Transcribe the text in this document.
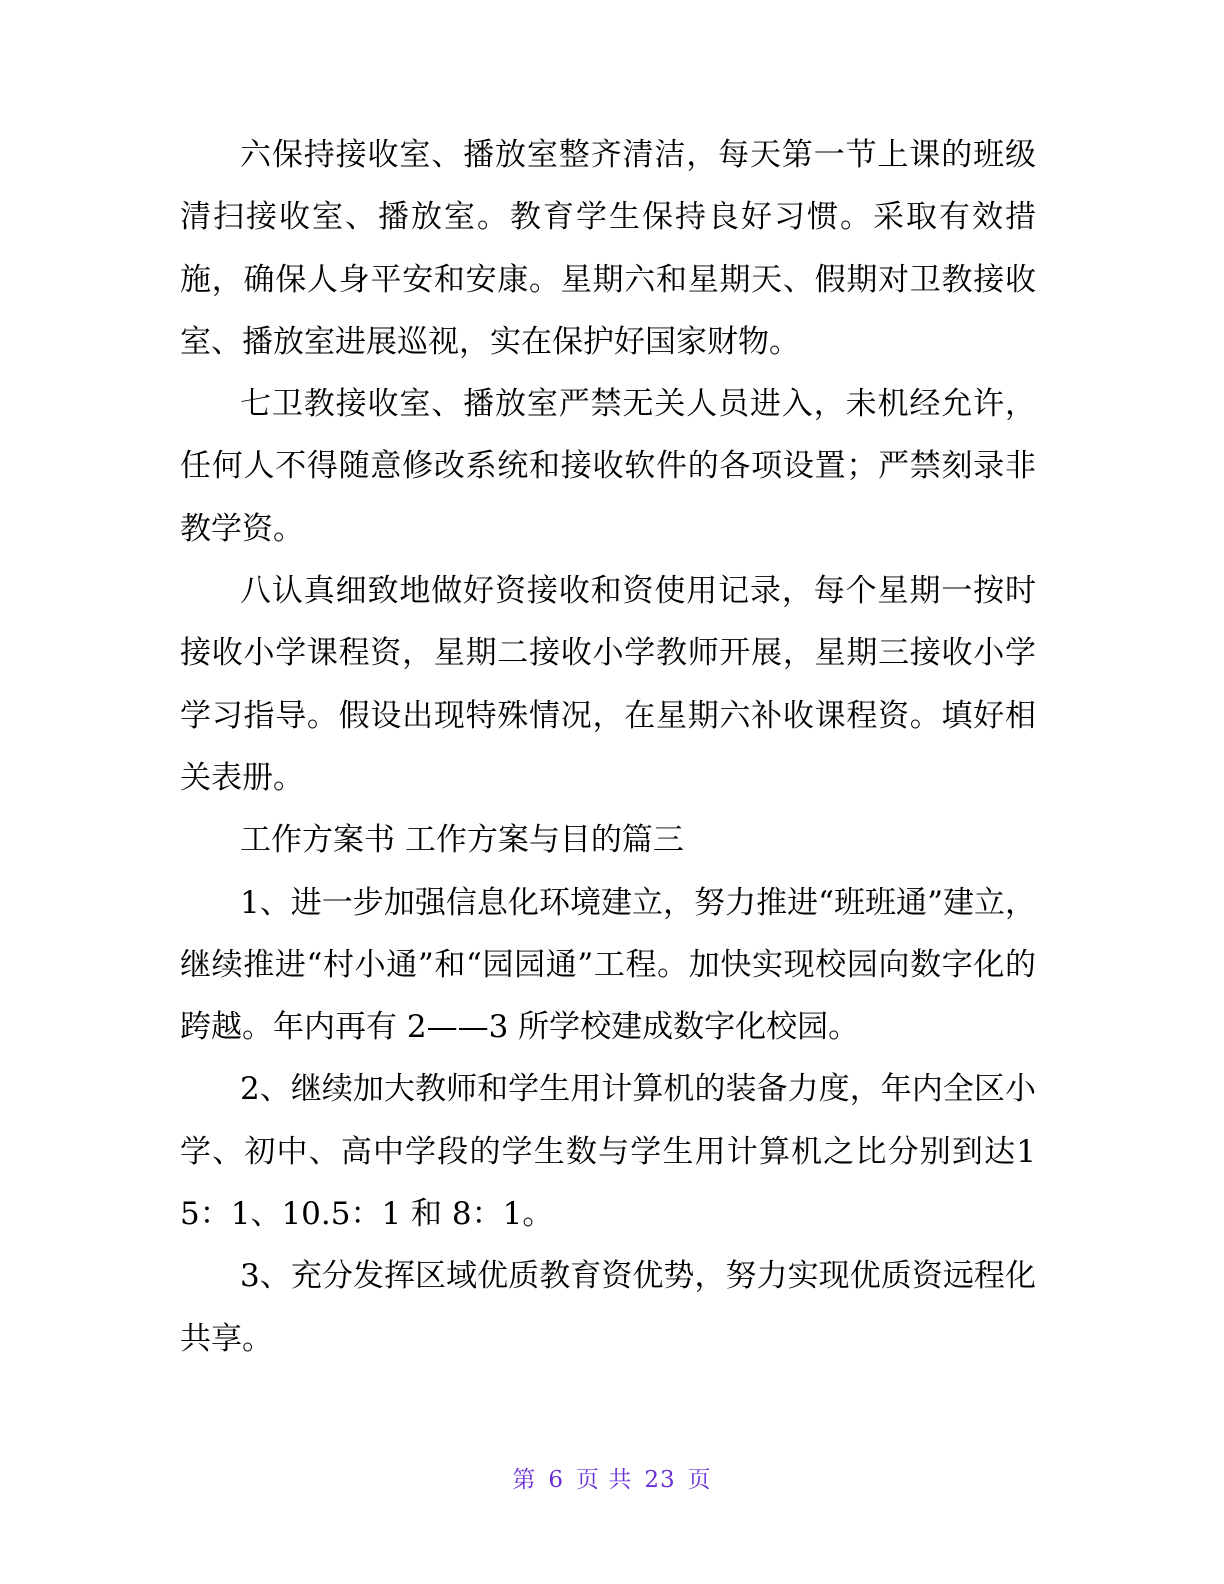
六保持接收室、播放室整齐清洁，每天第一节上课的班级清扫接收室、播放室。教育学生保持良好习惯。采取有效措施，确保人身平安和安康。星期六和星期天、假期对卫教接收室、播放室进展巡视，实在保护好国家财物。

七卫教接收室、播放室严禁无关人员进入，未机经允许，任何人不得随意修改系统和接收软件的各项设置；严禁刻录非教学资。

八认真细致地做好资接收和资使用记录，每个星期一按时接收小学课程资，星期二接收小学教师开展，星期三接收小学学习指导。假设出现特殊情况，在星期六补收课程资。填好相关表册。

工作方案书 工作方案与目的篇三

1、进一步加强信息化环境建立，努力推进“班班通”建立，继续推进“村小通”和“园园通”工程。加快实现校园向数字化的跨越。年内再有 2——3 所学校建成数字化校园。

2、继续加大教师和学生用计算机的装备力度，年内全区小学、初中、高中学段的学生数与学生用计算机之比分别到达15：1、10.5：1 和 8：1。

3、充分发挥区域优质教育资优势，努力实现优质资远程化共享。

第 6 页 共 23 页
